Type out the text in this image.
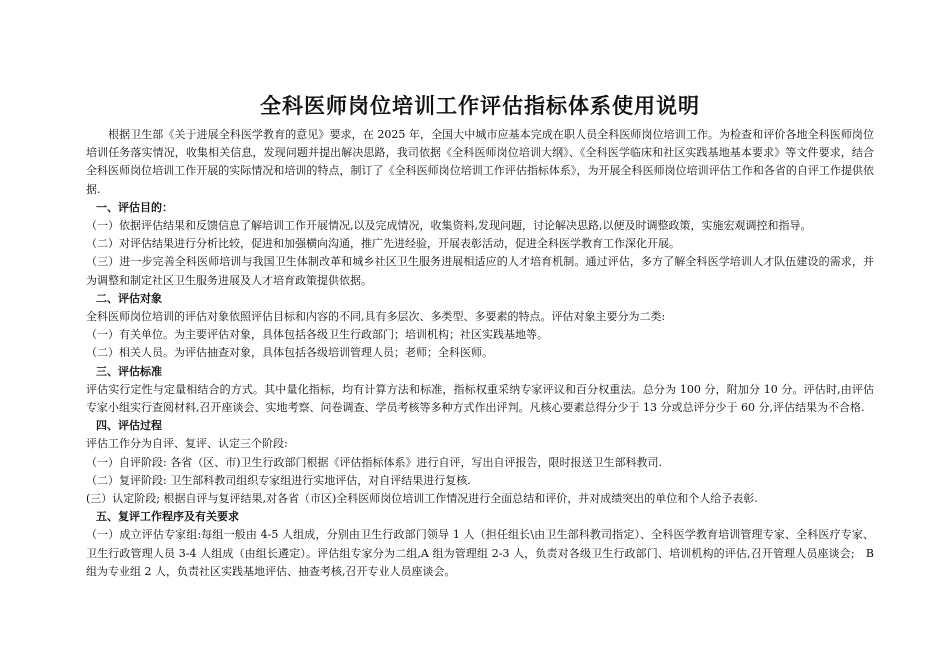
全科医师岗位培训工作评估指标体系使用说明

根据卫生部《关于进展全科医学教育的意见》要求，在 2025 年，全国大中城市应基本完成在职人员全科医师岗位培训工作。为检查和评价各地全科医师岗位培训任务落实情况，收集相关信息，发现问题并提出解决思路，我司依据《全科医师岗位培训大纲》、《全科医学临床和社区实践基地基本要求》等文件要求，结合全科医师岗位培训工作开展的实际情况和培训的特点，制订了《全科医师岗位培训工作评估指标体系》，为开展全科医师岗位培训评估工作和各省的自评工作提供依据.

一、评估目的：

（一）依据评估结果和反馈信息了解培训工作开展情况,以及完成情况，收集资料,发现问题，讨论解决思路,以便及时调整政策，实施宏观调控和指导。

（二）对评估结果进行分析比较，促进和加强横向沟通，推广先进经验，开展表彰活动，促进全科医学教育工作深化开展。

（三）进一步完善全科医师培训与我国卫生体制改革和城乡社区卫生服务进展相适应的人才培育机制。通过评估，多方了解全科医学培训人才队伍建设的需求，并为调整和制定社区卫生服务进展及人才培育政策提供依据。

二、评估对象

全科医师岗位培训的评估对象依照评估目标和内容的不同,具有多层次、多类型、多要素的特点。评估对象主要分为二类:

（一）有关单位。为主要评估对象，具体包括各级卫生行政部门；培训机构；社区实践基地等。

（二）相关人员。为评估抽查对象，具体包括各级培训管理人员；老师；全科医师。

三、评估标准

评估实行定性与定量相结合的方式。其中量化指标，均有计算方法和标准，指标权重采纳专家评议和百分权重法。总分为 100 分，附加分 10 分。评估时,由评估专家小组实行查阅材料,召开座谈会、实地考察、问卷调查、学员考核等多种方式作出评判。凡核心要素总得分少于 13 分或总评分少于 60 分,评估结果为不合格.

四、评估过程

评估工作分为自评、复评、认定三个阶段:

（一）自评阶段: 各省（区、市)卫生行政部门根据《评估指标体系》进行自评，写出自评报告，限时报送卫生部科教司.

（二）复评阶段: 卫生部科教司组织专家组进行实地评估，对自评结果进行复核.

(三）认定阶段; 根据自评与复评结果,对各省（市区)全科医师岗位培训工作情况进行全面总结和评价，并对成绩突出的单位和个人给予表彰.

五、复评工作程序及有关要求

（一）成立评估专家组:每组一般由 4-5 人组成，分别由卫生行政部门领导 1 人（担任组长\由卫生部科教司指定）、全科医学教育培训管理专家、全科医疗专家、卫生行政管理人员 3-4 人组成（由组长遴定）。评估组专家分为二组,A 组为管理组 2-3 人，负责对各级卫生行政部门、培训机构的评估,召开管理人员座谈会;　B 组为专业组 2 人，负责社区实践基地评估、抽查考核,召开专业人员座谈会。
